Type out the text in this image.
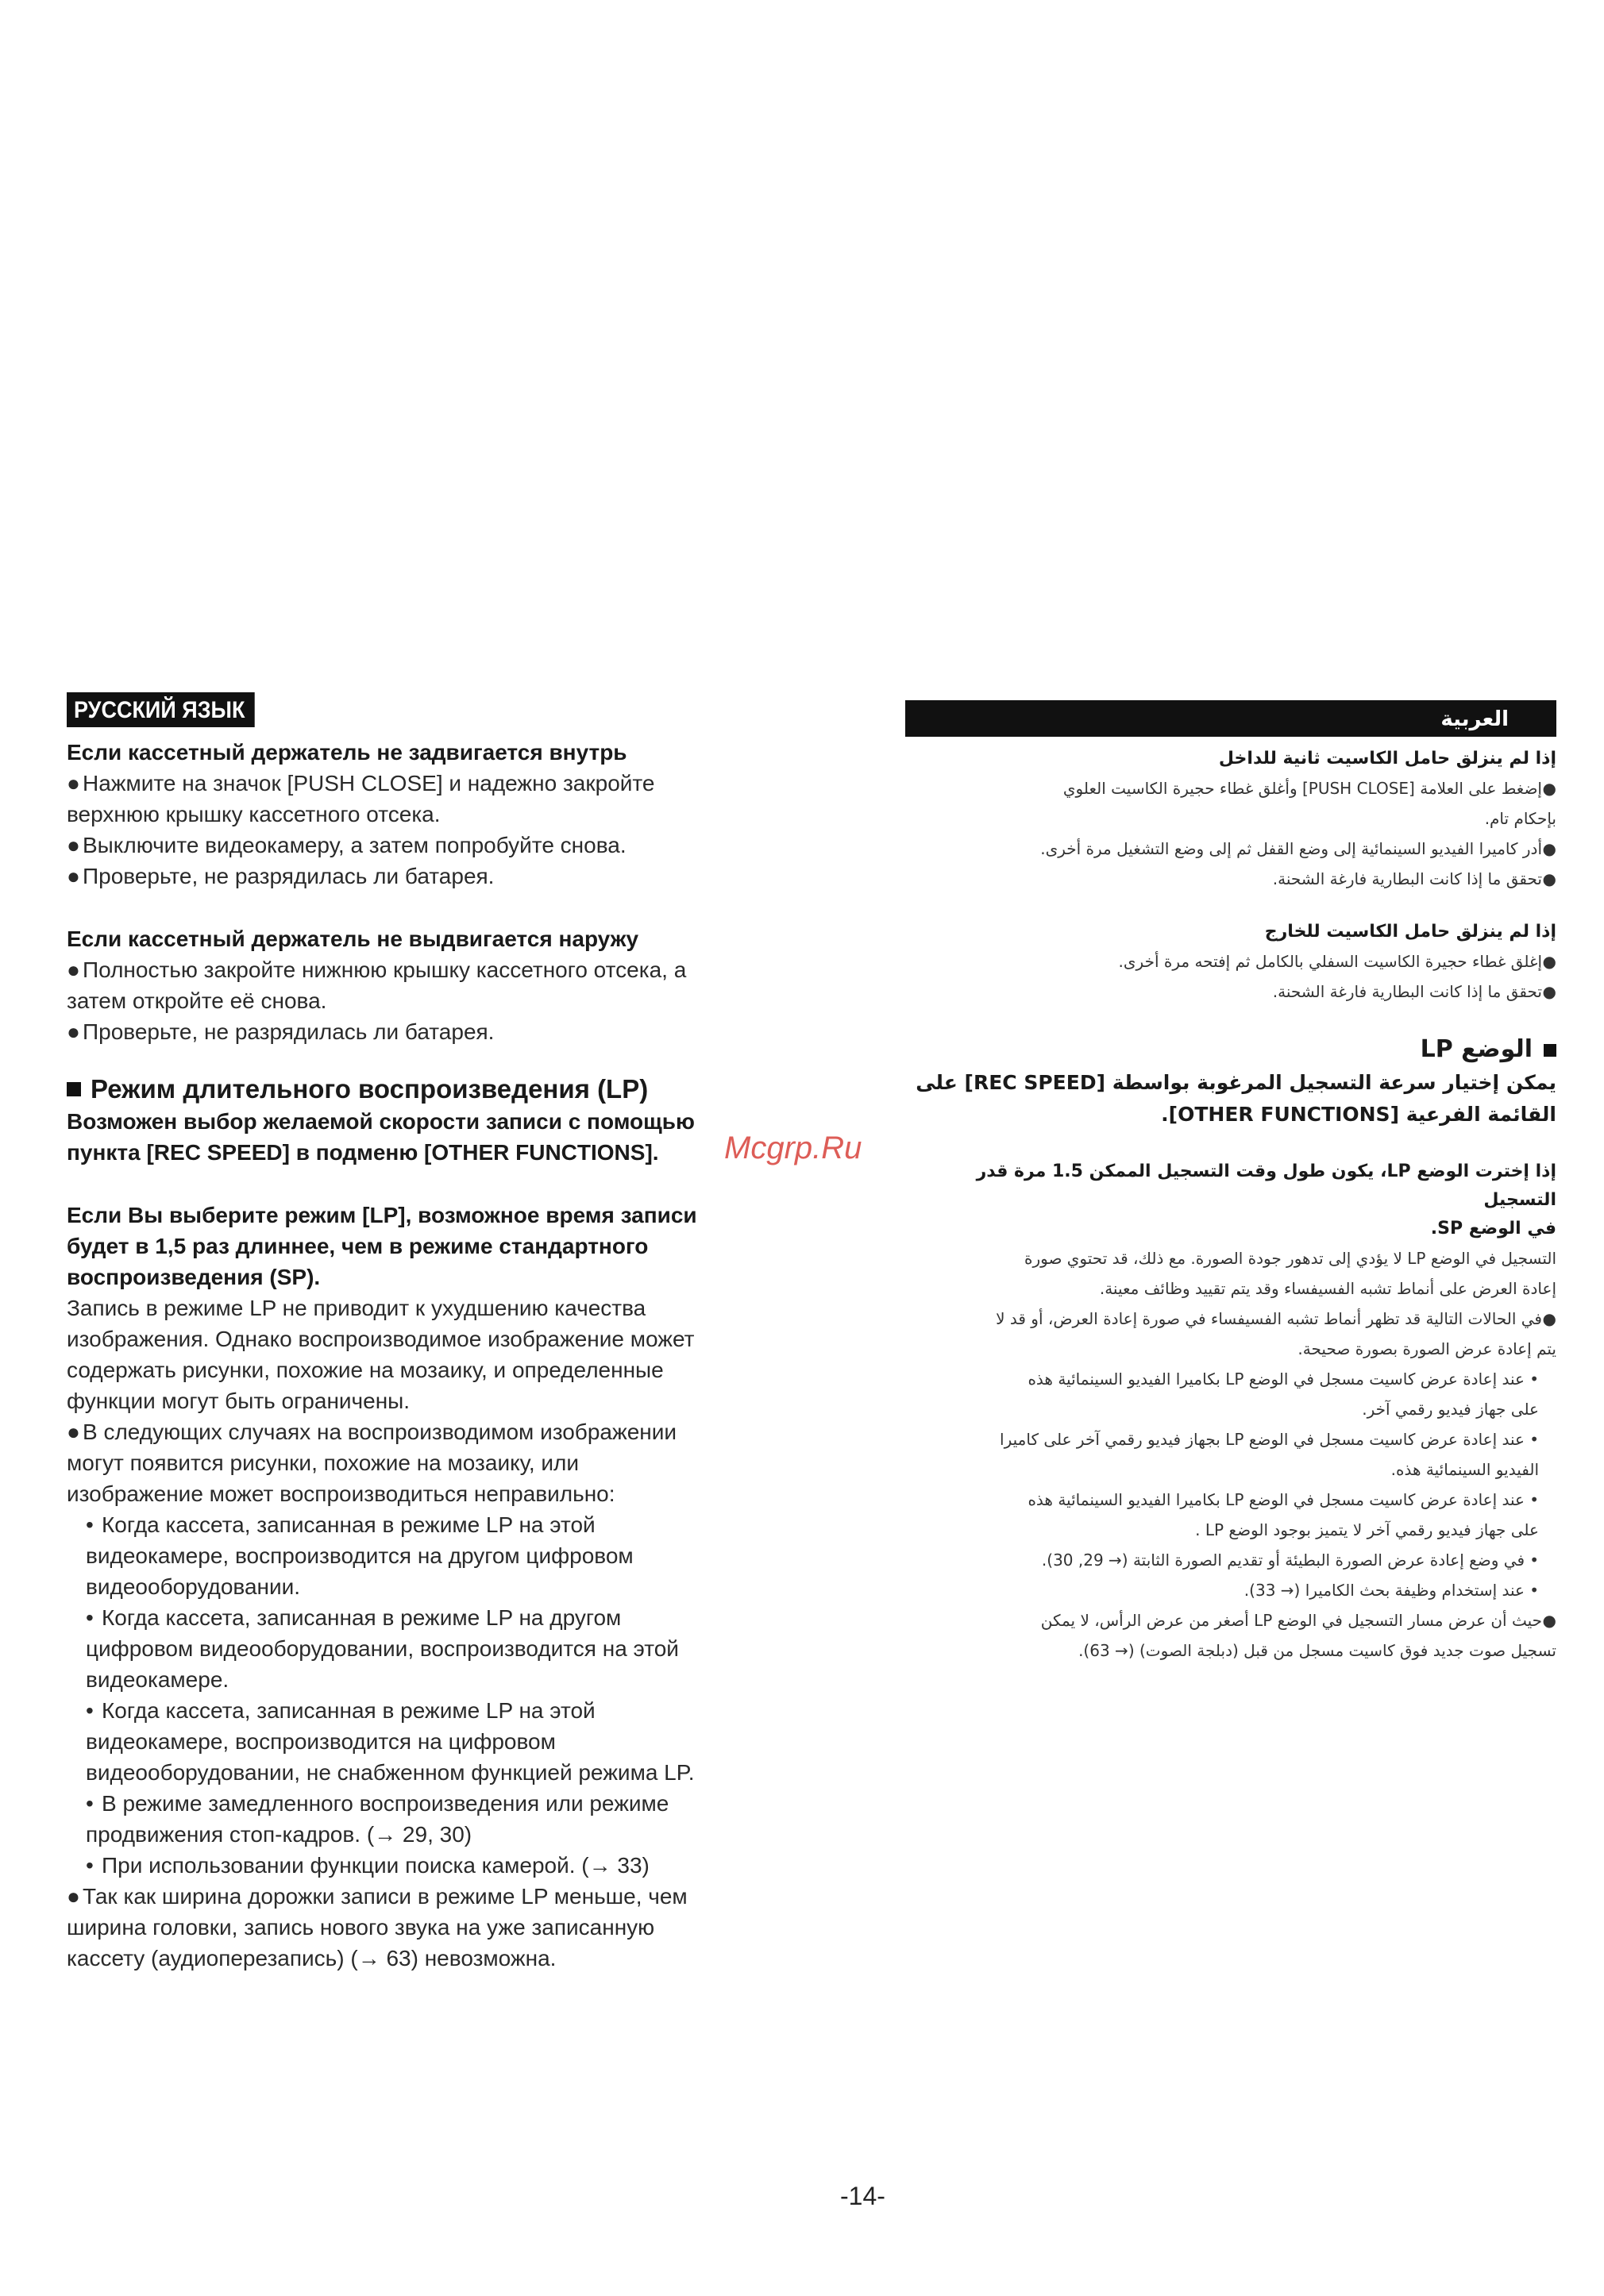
РУССКИЙ ЯЗЫК
Если кассетный держатель не задвигается внутрь
● Нажмите на значок [PUSH CLOSE] и надежно закройте
верхнюю крышку кассетного отсека.
● Выключите видеокамеру, а затем попробуйте снова.
● Проверьте, не разрядилась ли батарея.
Если кассетный держатель не выдвигается наружу
● Полностью закройте нижнюю крышку кассетного отсека, а
затем откройте её снова.
● Проверьте, не разрядилась ли батарея.
Режим длительного воспроизведения (LP)
Возможен выбор желаемой скорости записи с помощью
пункта [REC SPEED] в подменю [OTHER FUNCTIONS].
Если Вы выберите режим [LP], возможное время записи
будет в 1,5 раз длиннее, чем в режиме стандартного
воспроизведения (SP).
Запись в режиме LP не приводит к ухудшению качества
изображения. Однако воспроизводимое изображение может
содержать рисунки, похожие на мозаику, и определенные
функции могут быть ограничены.
● В следующих случаях на воспроизводимом изображении
могут появится рисунки, похожие на мозаику, или
изображение может воспроизводиться неправильно:
• Когда кассета, записанная в режиме LP на этой
видеокамере, воспроизводится на другом цифровом
видеооборудовании.
• Когда кассета, записанная в режиме LP на другом
цифровом видеооборудовании, воспроизводится на этой
видеокамере.
• Когда кассета, записанная в режиме LP на этой
видеокамере, воспроизводится на цифровом
видеооборудовании, не снабженном функцией режима LP.
• В режиме замедленного воспроизведения или режиме
продвижения стоп-кадров. (→ 29, 30)
• При использовании функции поиска камерой. (→ 33)
● Так как ширина дорожки записи в режиме LP меньше, чем
ширина головки, запись нового звука на уже записанную
кассету (аудиоперезапись) (→ 63) невозможна.
العربية
إذا لم ينزلق حامل الكاسيت ثانية للداخل
●إضغط على العلامة [PUSH CLOSE] وأغلق غطاء حجيرة الكاسيت العلوي
بإحكام تام.
●أدر كاميرا الفيديو السينمائية إلى وضع القفل ثم إلى وضع التشغيل مرة أخرى.
●تحقق ما إذا كانت البطارية فارغة الشحنة.
إذا لم ينزلق حامل الكاسيت للخارج
●إغلق غطاء حجيرة الكاسيت السفلي بالكامل ثم إفتحه مرة أخرى.
●تحقق ما إذا كانت البطارية فارغة الشحنة.
الوضع LP
يمكن إختيار سرعة التسجيل المرغوبة بواسطة [REC SPEED] على
القائمة الفرعية [OTHER FUNCTIONS].
إذا إخترت الوضع LP، يكون طول وقت التسجيل الممكن 1.5 مرة قدر التسجيل
في الوضع SP.
التسجيل في الوضع LP لا يؤدي إلى تدهور جودة الصورة. مع ذلك، قد تحتوي صورة
إعادة العرض على أنماط تشبه الفسيفساء وقد يتم تقييد وظائف معينة.
●في الحالات التالية قد تظهر أنماط تشبه الفسيفساء في صورة إعادة العرض، أو قد لا
يتم إعادة عرض الصورة بصورة صحيحة.
•عند إعادة عرض كاسيت مسجل في الوضع LP بكاميرا الفيديو السينمائية هذه
على جهاز فيديو رقمي آخر.
•عند إعادة عرض كاسيت مسجل في الوضع LP بجهاز فيديو رقمي آخر على كاميرا
الفيديو السينمائية هذه.
•عند إعادة عرض كاسيت مسجل في الوضع LP بكاميرا الفيديو السينمائية هذه
على جهاز فيديو رقمي آخر لا يتميز بوجود الوضع LP .
•في وضع إعادة عرض الصورة البطيئة أو تقديم الصورة الثابتة (→ 29, 30).
•عند إستخدام وظيفة بحث الكاميرا (→ 33).
●حيث أن عرض مسار التسجيل في الوضع LP أصغر من عرض الرأس، لا يمكن
تسجيل صوت جديد فوق كاسيت مسجل من قبل (دبلجة الصوت) (→ 63).
Mcgrp.Ru
-14-
